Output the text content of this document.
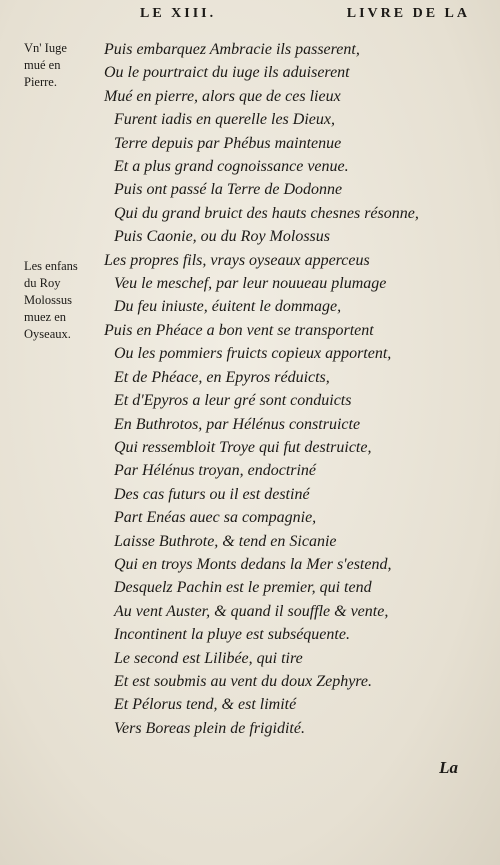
LE XIII.	LIVRE DE LA
Vn' Iuge
mué en
Pierre.
Les enfans
du Roy
Molossus
muez en
Oyseaux.
Puis embarquez Ambracie ils passerent,
Ou le pourtraict du iuge ils aduiserent
Mué en pierre, alors que de ces lieux
Furent iadis en querelle les Dieux,
Terre depuis par Phébus maintenue
Et a plus grand cognoissance venue.
Puis ont passé la Terre de Dodonne
Qui du grand bruict des hauts chesnes résonne,
Puis Caonie, ou du Roy Molossus
Les propres fils, vrays oyseaux apperceus
Veu le meschef, par leur nouueau plumage
Du feu iniuste, éuitent le dommage,
Puis en Phéace a bon vent se transportent
Ou les pommiers fruicts copieux apportent,
Et de Phéace, en Epyros réduicts,
Et d'Epyros a leur gré sont conduicts
En Buthrotos, par Hélénus construicte
Qui ressembloit Troye qui fut destruicte,
Par Hélénus troyan, endoctriné
Des cas futurs ou il est destiné
Part Enéas auec sa compagnie,
Laisse Buthrote, & tend en Sicanie
Qui en troys Monts dedans la Mer s'estend,
Desquelz Pachin est le premier, qui tend
Au vent Auster, & quand il souffle & vente,
Incontinent la pluye est subséquente.
Le second est Lilibée, qui tire
Et est soubmis au vent du doux Zephyre.
Et Pélorus tend, & est limité
Vers Boreas plein de frigidité.
La
